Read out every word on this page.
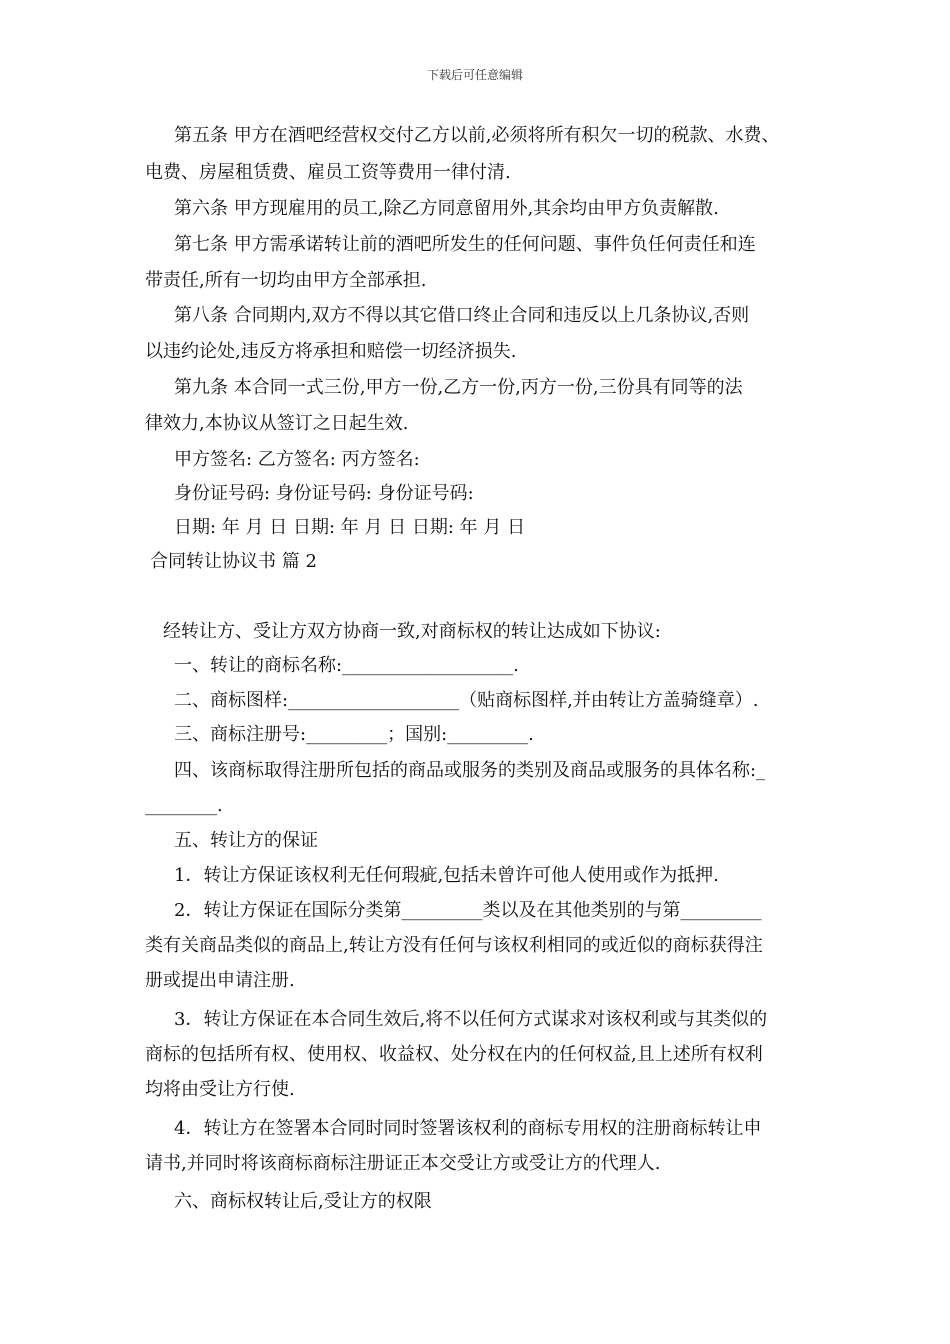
下载后可任意编辑
第五条 甲方在酒吧经营权交付乙方以前,必须将所有积欠一切的税款、水费、
电费、房屋租赁费、雇员工资等费用一律付清.
第六条 甲方现雇用的员工,除乙方同意留用外,其余均由甲方负责解散.
第七条 甲方需承诺转让前的酒吧所发生的任何问题、事件负任何责任和连
带责任,所有一切均由甲方全部承担.
第八条 合同期内,双方不得以其它借口终止合同和违反以上几条协议,否则
以违约论处,违反方将承担和赔偿一切经济损失.
第九条 本合同一式三份,甲方一份,乙方一份,丙方一份,三份具有同等的法
律效力,本协议从签订之日起生效.
甲方签名: 乙方签名: 丙方签名:
身份证号码: 身份证号码: 身份证号码:
日期: 年 月 日 日期: 年 月 日 日期: 年 月 日
合同转让协议书 篇 2
经转让方、受让方双方协商一致,对商标权的转让达成如下协议:
一、转让的商标名称:___________________.
二、商标图样:___________________（贴商标图样,并由转让方盖骑缝章）.
三、商标注册号:_________；国别:_________.
四、该商标取得注册所包括的商品或服务的类别及商品或服务的具体名称:_
________.
五、转让方的保证
1．转让方保证该权利无任何瑕疵,包括未曾许可他人使用或作为抵押.
2．转让方保证在国际分类第_________类以及在其他类别的与第_________
类有关商品类似的商品上,转让方没有任何与该权利相同的或近似的商标获得注
册或提出申请注册.
3．转让方保证在本合同生效后,将不以任何方式谋求对该权利或与其类似的
商标的包括所有权、使用权、收益权、处分权在内的任何权益,且上述所有权利
均将由受让方行使.
4．转让方在签署本合同时同时签署该权利的商标专用权的注册商标转让申
请书,并同时将该商标商标注册证正本交受让方或受让方的代理人.
六、商标权转让后,受让方的权限
